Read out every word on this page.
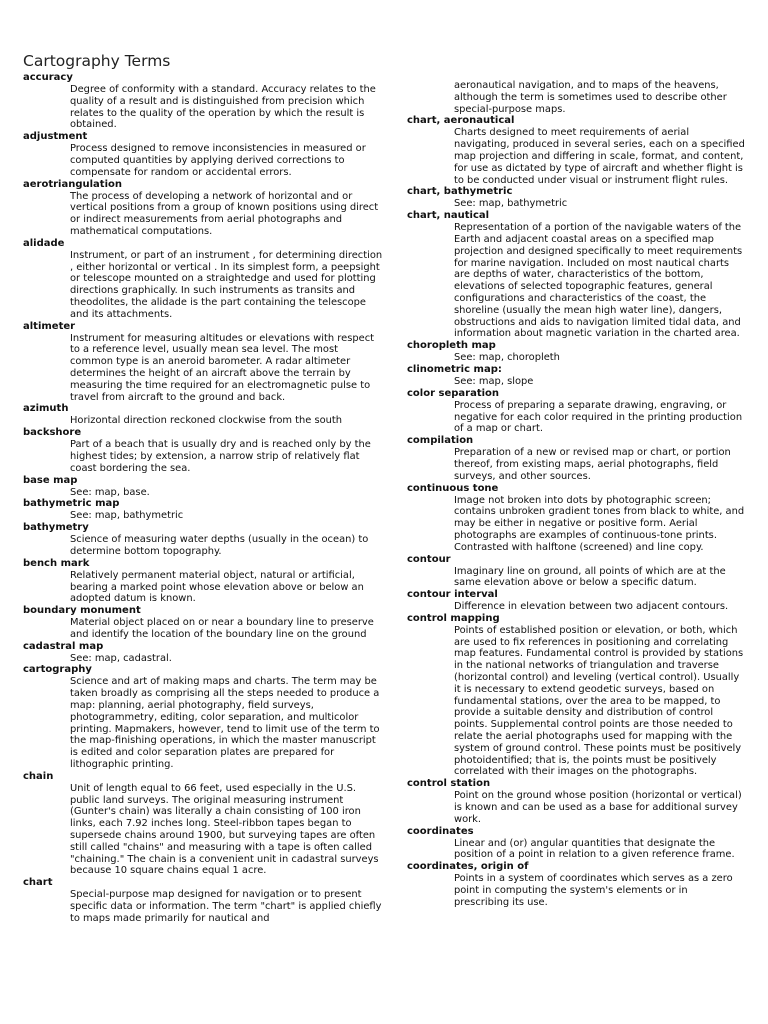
Cartography Terms

accuracy

Degree of conformity with a standard. Accuracy relates to the quality of a result and is distinguished from precision which relates to the quality of the operation by which the result is obtained.

adjustment

Process designed to remove inconsistencies in measured or computed quantities by applying derived corrections to compensate for random or accidental errors.

aerotriangulation

The process of developing a network of horizontal and or vertical positions from a group of known positions using direct or indirect measurements from aerial photographs and mathematical computations.

alidade

Instrument, or part of an instrument , for determining direction , either horizontal or vertical . In its simplest form, a peepsight or telescope mounted on a straightedge and used for plotting directions graphically. In such instruments as transits and theodolites, the alidade is the part containing the telescope and its attachments.

altimeter

Instrument for measuring altitudes or elevations with respect to a reference level, usually mean sea level. The most common type is an aneroid barometer. A radar altimeter determines the height of an aircraft above the terrain by measuring the time required for an electromagnetic pulse to travel from aircraft to the ground and back.

azimuth

Horizontal direction reckoned clockwise from the south

backshore

Part of a beach that is usually dry and is reached only by the highest tides; by extension, a narrow strip of relatively flat coast bordering the sea.

base map

See: map, base.

bathymetric map

See: map, bathymetric

bathymetry

Science of measuring water depths (usually in the ocean) to determine bottom topography.

bench mark

Relatively permanent material object, natural or artificial, bearing a marked point whose elevation above or below an adopted datum is known.

boundary monument

Material object placed on or near a boundary line to preserve and identify the location of the boundary line on the ground

cadastral map

See: map, cadastral.

cartography

Science and art of making maps and charts. The term may be taken broadly as comprising all the steps needed to produce a map: planning, aerial photography, field surveys, photogrammetry, editing, color separation, and multicolor printing. Mapmakers, however, tend to limit use of the term to the map-finishing operations, in which the master manuscript is edited and color separation plates are prepared for lithographic printing.

chain

Unit of length equal to 66 feet, used especially in the U.S. public land surveys. The original measuring instrument (Gunter's chain) was literally a chain consisting of 100 iron links, each 7.92 inches long. Steel-ribbon tapes began to supersede chains around 1900, but surveying tapes are often still called "chains" and measuring with a tape is often called "chaining." The chain is a convenient unit in cadastral surveys because 10 square chains equal 1 acre.

chart

Special-purpose map designed for navigation or to present specific data or information. The term "chart" is applied chiefly to maps made primarily for nautical and

aeronautical navigation, and to maps of the heavens, although the term is sometimes used to describe other special-purpose maps.

chart, aeronautical

Charts designed to meet requirements of aerial navigating, produced in several series, each on a specified map projection and differing in scale, format, and content, for use as dictated by type of aircraft and whether flight is to be conducted under visual or instrument flight rules.

chart, bathymetric

See: map, bathymetric

chart, nautical

Representation of a portion of the navigable waters of the Earth and adjacent coastal areas on a specified map projection and designed specifically to meet requirements for marine navigation. Included on most nautical charts are depths of water, characteristics of the bottom, elevations of selected topographic features, general configurations and characteristics of the coast, the shoreline (usually the mean high water line), dangers, obstructions and aids to navigation limited tidal data, and information about magnetic variation in the charted area.

choropleth map

See: map, choropleth

clinometric map:

See: map, slope

color separation

Process of preparing a separate drawing, engraving, or negative for each color required in the printing production of a map or chart.

compilation

Preparation of a new or revised map or chart, or portion thereof, from existing maps, aerial photographs, field surveys, and other sources.

continuous tone

Image not broken into dots by photographic screen; contains unbroken gradient tones from black to white, and may be either in negative or positive form. Aerial photographs are examples of continuous-tone prints. Contrasted with halftone (screened) and line copy.

contour

Imaginary line on ground, all points of which are at the same elevation above or below a specific datum.

contour interval

Difference in elevation between two adjacent contours.

control mapping

Points of established position or elevation, or both, which are used to fix references in positioning and correlating map features. Fundamental control is provided by stations in the national networks of triangulation and traverse (horizontal control) and leveling (vertical control). Usually it is necessary to extend geodetic surveys, based on fundamental stations, over the area to be mapped, to provide a suitable density and distribution of control points. Supplemental control points are those needed to relate the aerial photographs used for mapping with the system of ground control. These points must be positively photoidentified; that is, the points must be positively correlated with their images on the photographs.

control station

Point on the ground whose position (horizontal or vertical) is known and can be used as a base for additional survey work.

coordinates

Linear and (or) angular quantities that designate the position of a point in relation to a given reference frame.

coordinates, origin of

Points in a system of coordinates which serves as a zero point in computing the system's elements or in prescribing its use.
